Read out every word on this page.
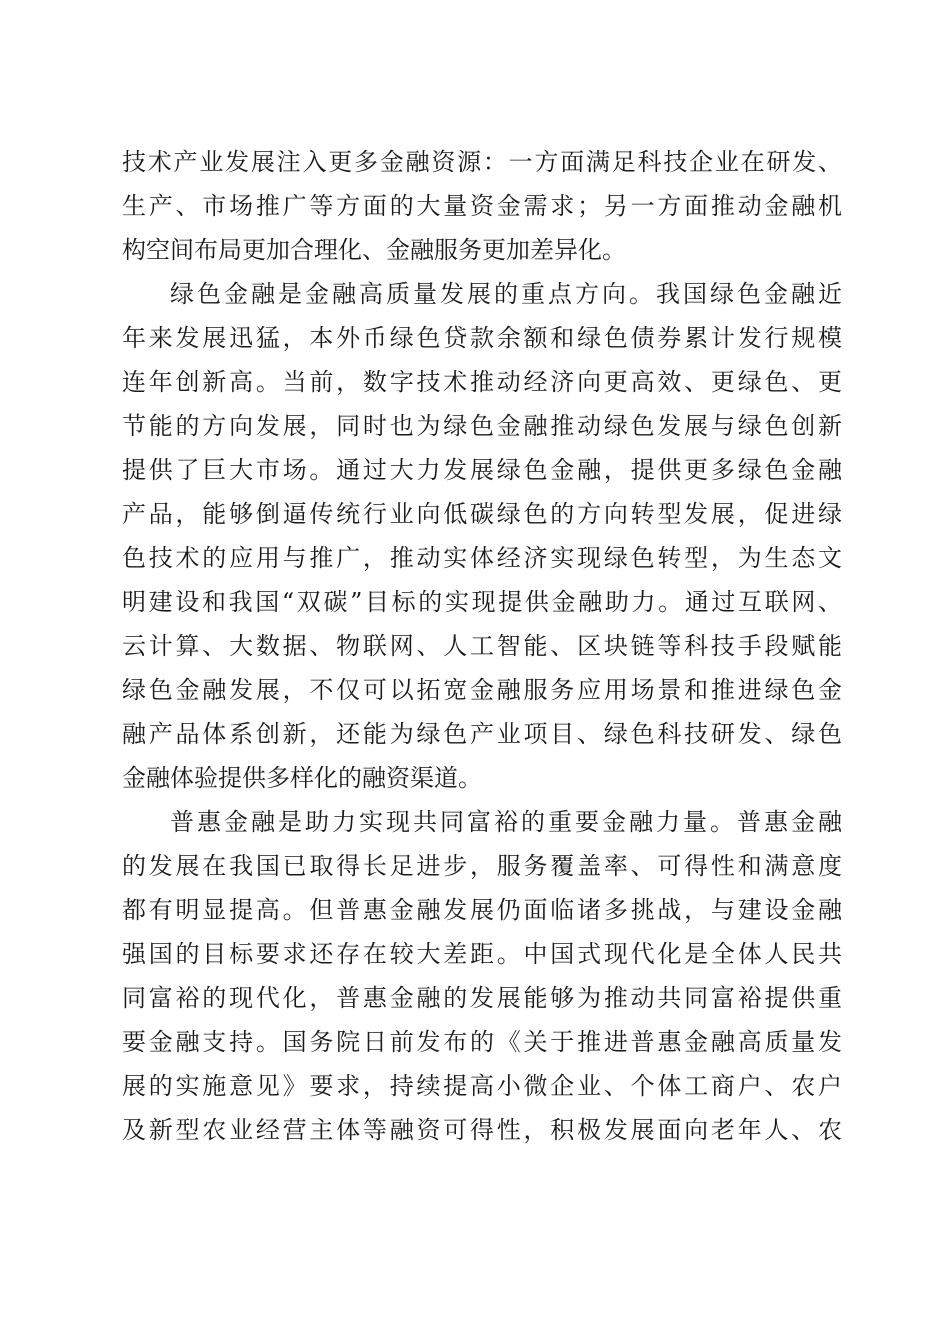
技术产业发展注入更多金融资源：一方面满足科技企业在研发、
生产、市场推广等方面的大量资金需求；另一方面推动金融机
构空间布局更加合理化、金融服务更加差异化。
绿色金融是金融高质量发展的重点方向。我国绿色金融近
年来发展迅猛，本外币绿色贷款余额和绿色债券累计发行规模
连年创新高。当前，数字技术推动经济向更高效、更绿色、更
节能的方向发展，同时也为绿色金融推动绿色发展与绿色创新
提供了巨大市场。通过大力发展绿色金融，提供更多绿色金融
产品，能够倒逼传统行业向低碳绿色的方向转型发展，促进绿
色技术的应用与推广，推动实体经济实现绿色转型，为生态文
明建设和我国“双碳”目标的实现提供金融助力。通过互联网、
云计算、大数据、物联网、人工智能、区块链等科技手段赋能
绿色金融发展，不仅可以拓宽金融服务应用场景和推进绿色金
融产品体系创新，还能为绿色产业项目、绿色科技研发、绿色
金融体验提供多样化的融资渠道。
普惠金融是助力实现共同富裕的重要金融力量。普惠金融
的发展在我国已取得长足进步，服务覆盖率、可得性和满意度
都有明显提高。但普惠金融发展仍面临诸多挑战，与建设金融
强国的目标要求还存在较大差距。中国式现代化是全体人民共
同富裕的现代化，普惠金融的发展能够为推动共同富裕提供重
要金融支持。国务院日前发布的《关于推进普惠金融高质量发
展的实施意见》要求，持续提高小微企业、个体工商户、农户
及新型农业经营主体等融资可得性，积极发展面向老年人、农
